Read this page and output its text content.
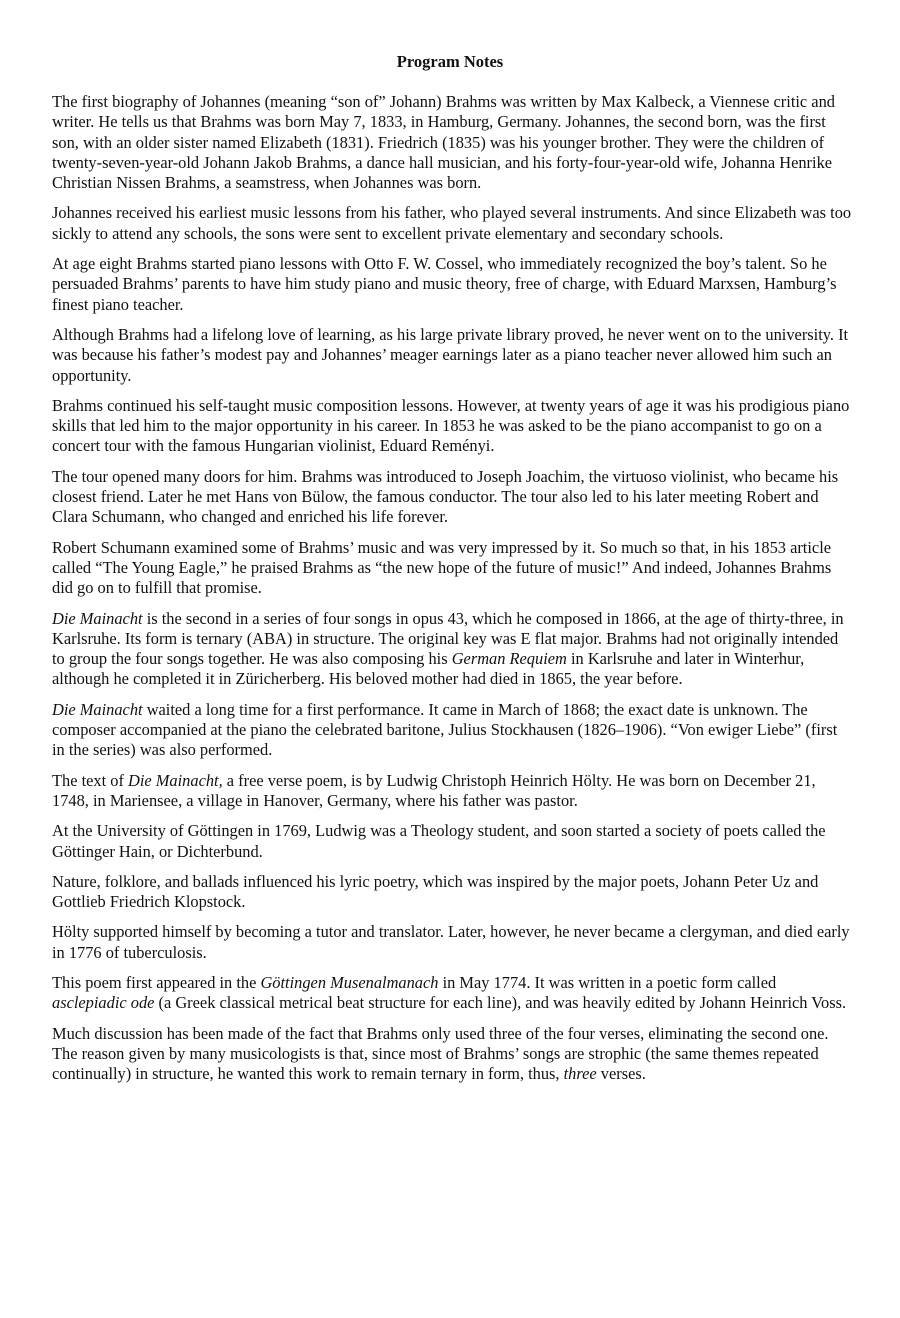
Program Notes

The first biography of Johannes (meaning “son of” Johann) Brahms was written by Max Kalbeck, a Viennese critic and writer. He tells us that Brahms was born May 7, 1833, in Hamburg, Germany. Johannes, the second born, was the first son, with an older sister named Elizabeth (1831). Friedrich (1835) was his younger brother. They were the children of twenty-seven-year-old Johann Jakob Brahms, a dance hall musician, and his forty-four-year-old wife, Johanna Henrike Christian Nissen Brahms, a seamstress, when Johannes was born.

Johannes received his earliest music lessons from his father, who played several instruments. And since Elizabeth was too sickly to attend any schools, the sons were sent to excellent private elementary and secondary schools.

At age eight Brahms started piano lessons with Otto F. W. Cossel, who immediately recognized the boy’s talent. So he persuaded Brahms’ parents to have him study piano and music theory, free of charge, with Eduard Marxsen, Hamburg’s finest piano teacher.

Although Brahms had a lifelong love of learning, as his large private library proved, he never went on to the university. It was because his father’s modest pay and Johannes’ meager earnings later as a piano teacher never allowed him such an opportunity.

Brahms continued his self-taught music composition lessons. However, at twenty years of age it was his prodigious piano skills that led him to the major opportunity in his career. In 1853 he was asked to be the piano accompanist to go on a concert tour with the famous Hungarian violinist, Eduard Reményi.

The tour opened many doors for him. Brahms was introduced to Joseph Joachim, the virtuoso violinist, who became his closest friend. Later he met Hans von Bülow, the famous conductor. The tour also led to his later meeting Robert and Clara Schumann, who changed and enriched his life forever.

Robert Schumann examined some of Brahms’ music and was very impressed by it. So much so that, in his 1853 article called “The Young Eagle,” he praised Brahms as “the new hope of the future of music!” And indeed, Johannes Brahms did go on to fulfill that promise.

Die Mainacht is the second in a series of four songs in opus 43, which he composed in 1866, at the age of thirty-three, in Karlsruhe. Its form is ternary (ABA) in structure. The original key was E flat major. Brahms had not originally intended to group the four songs together. He was also composing his German Requiem in Karlsruhe and later in Winterhur, although he completed it in Züricherberg. His beloved mother had died in 1865, the year before.

Die Mainacht waited a long time for a first performance. It came in March of 1868; the exact date is unknown. The composer accompanied at the piano the celebrated baritone, Julius Stockhausen (1826–1906). “Von ewiger Liebe” (first in the series) was also performed.

The text of Die Mainacht, a free verse poem, is by Ludwig Christoph Heinrich Hölty. He was born on December 21, 1748, in Mariensee, a village in Hanover, Germany, where his father was pastor.

At the University of Göttingen in 1769, Ludwig was a Theology student, and soon started a society of poets called the Göttinger Hain, or Dichterbund.

Nature, folklore, and ballads influenced his lyric poetry, which was inspired by the major poets, Johann Peter Uz and Gottlieb Friedrich Klopstock.

Hölty supported himself by becoming a tutor and translator. Later, however, he never became a clergyman, and died early in 1776 of tuberculosis.

This poem first appeared in the Göttingen Musenalmanach in May 1774. It was written in a poetic form called asclepiadic ode (a Greek classical metrical beat structure for each line), and was heavily edited by Johann Heinrich Voss.

Much discussion has been made of the fact that Brahms only used three of the four verses, eliminating the second one. The reason given by many musicologists is that, since most of Brahms’ songs are strophic (the same themes repeated continually) in structure, he wanted this work to remain ternary in form, thus, three verses.
